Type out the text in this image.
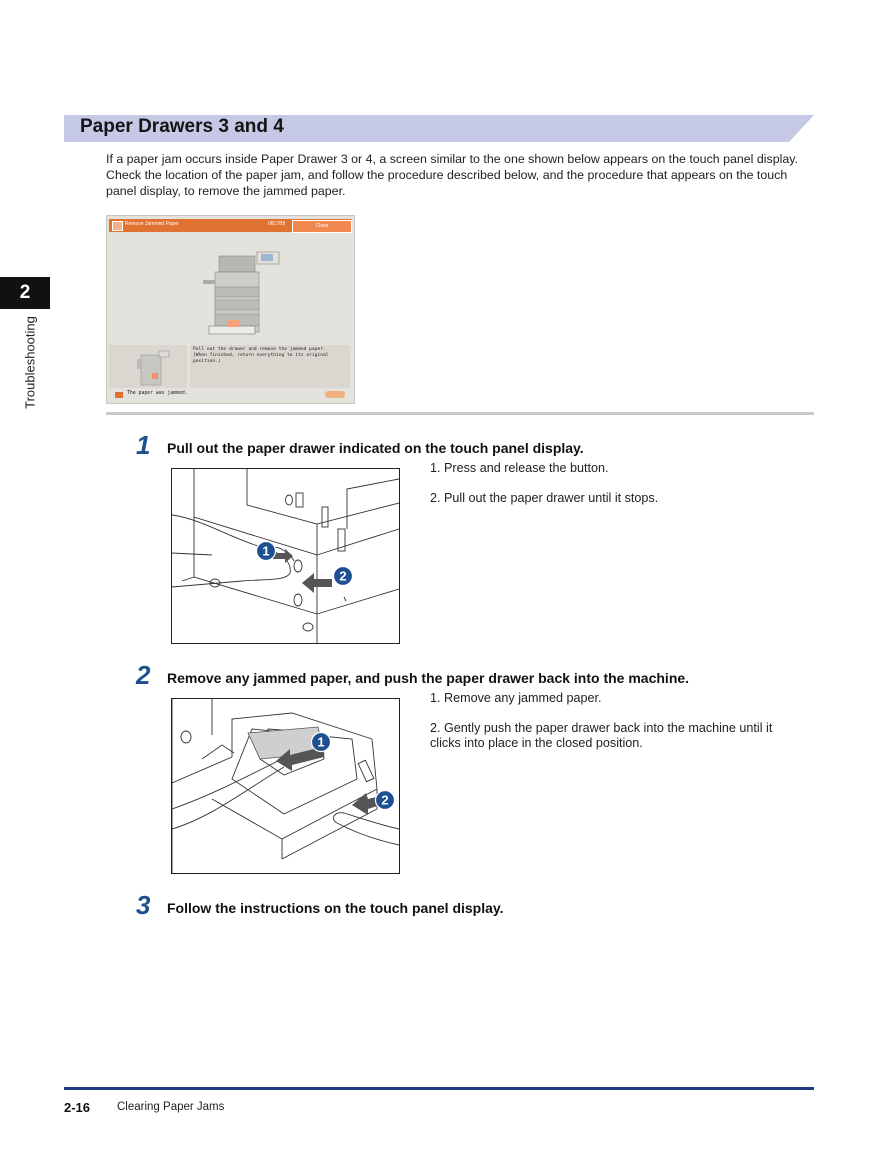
Paper Drawers 3 and 4
If a paper jam occurs inside Paper Drawer 3 or 4, a screen similar to the one shown below appears on the touch panel display. Check the location of the paper jam, and follow the procedure described below, and the procedure that appears on the touch panel display, to remove the jammed paper.
2
Troubleshooting
Remove Jammed Paper	0817B9	Close
Pull out the drawer and remove the jammed paper.
(When finished, return everything to its original position.)
The paper was jammed.
1 Pull out the paper drawer indicated on the touch panel display.
1. Press and release the button.
2. Pull out the paper drawer until it stops.
1
2
2 Remove any jammed paper, and push the paper drawer back into the machine.
1. Remove any jammed paper.
2. Gently push the paper drawer back into the machine until it clicks into place in the closed position.
1
2
3 Follow the instructions on the touch panel display.
2-16 Clearing Paper Jams
